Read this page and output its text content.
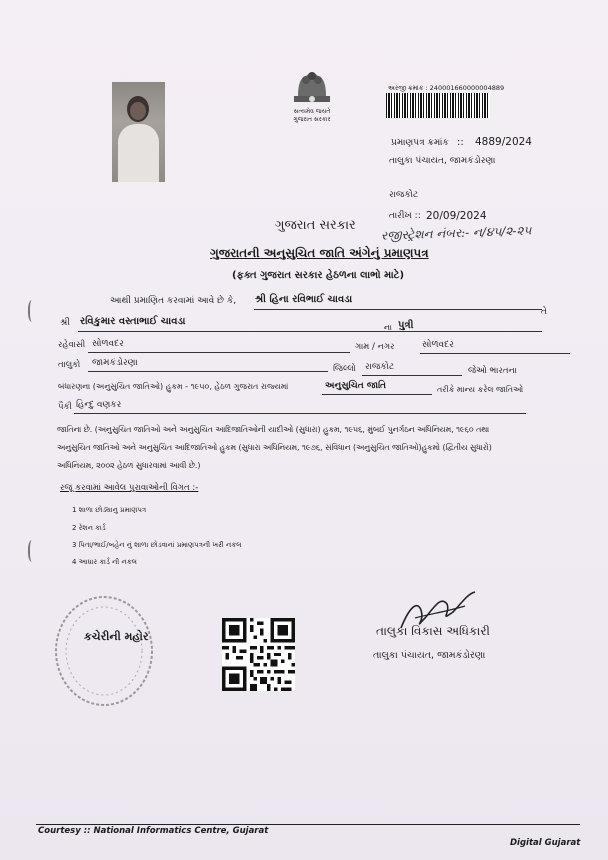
સત્યમેવ જયતે
ગુજરાત સરકાર
અરજી ક્રમાંક : 240001660000004889
પ્રમાણપત્ર ક્રમાંક :: 4889/2024
તાલુકા પંચાયત, જામકંડોરણા
રાજકોટ
તારીખ :: 20/09/2024
રજીસ્ટ્રેશન નંબર:- ન/૪૫/૨-૨૫
ગુજરાત સરકાર
ગુજરાતની અનુસુચિત જાતિ અંગેનું પ્રમાણપત્ર
(ફક્ત ગુજરાત સરકાર હેઠળના લાભો માટે)
આથી પ્રમાણિત કરવામાં આવે છે કે, શ્રી હિના રવિભાઈ ચાવડા
તે
શ્રી રવિકુમાર વસ્તાભાઈ ચાવડા
ના પુત્રી
રહેવાસી સોળવદર	ગામ / નગર	સોળવદર
તાલુકો જામકંડોરણા
જિલ્લો રાજકોટ	જેઓ ભારતના
બંધારણના (અનુસુચિત જાતિઓ) હુકમ - ૧૯૫૦, હેઠળ ગુજરાત રાજ્યમાં	અનુસુચિત જાતિ	તરીકે માન્ય કરેલ જાતિઓ
પૈકી હિન્દુ વણકર
જાતિના છે. (અનુસુચિત જાતિઓ અને અનુસુચિત આદિજાતિઓની યાદીઓ (સુધારા) હુકમ, ૧૯૫૬, મુંબઈ પુનર્ગઠન અધિનિયમ, ૧૯૬૦ તથા
અનુસુચિત જાતિઓ અને અનુસુચિત આદિજાતિઓ હુકમ (સુધારા અધિનિયમ, ૧૯૭૬, સંવિધાન (અનુસુચિત જાતિઓ)હુકમો (દ્વિતીય સુધારો)
અધિનિયમ, ૨૦૦૨ હેઠળ સુધારવામાં આવી છે.)
રજૂ કરવામાં આવેલ પુરાવાઓની વિગત :-
1 શાળા છોડ્યાનુ પ્રમાણપત્ર
2 રેશન કાર્ડ
3 પિતા/ભાઈ/બહેન નું શાળા છોડવાનાં પ્રમાણપત્રની ખરી નકલ
4 આધાર કાર્ડ ની નકલ
કચેરીની મહોર	તાલુકા વિકાસ અધિકારી
તાલુકા પંચાયત, જામકંડોરણા
Courtesy :: National Informatics Centre, Gujarat
Digital Gujarat
